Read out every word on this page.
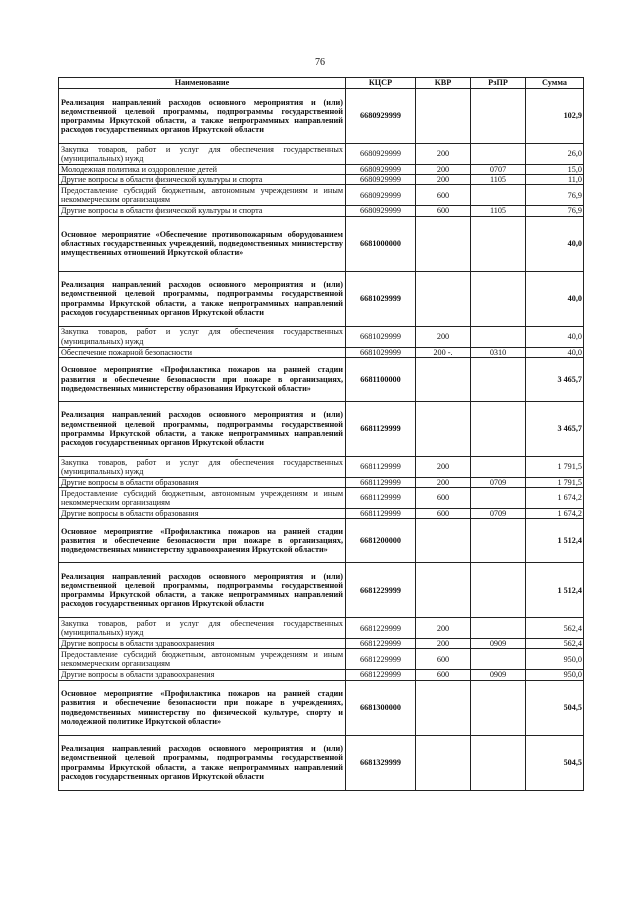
76
Наименование	КЦСР	КВР	РзПР	Сумма
Реализация направлений расходов основного мероприятия и (или) ведомственной целевой программы, подпрограммы государственной программы Иркутской области, а также непрограммных направлений расходов государственных органов Иркутской области	6680929999			102,9
Закупка товаров, работ и услуг для обеспечения государственных (муниципальных) нужд	6680929999	200		26,0
Молодежная политика и оздоровление детей	6680929999	200	0707	15,0
Другие вопросы в области физической культуры и спорта	6680929999	200	1105	11,0
Предоставление субсидий бюджетным, автономным учреждениям и иным некоммерческим организациям	6680929999	600		76,9
Другие вопросы в области физической культуры и спорта	6680929999	600	1105	76,9
Основное мероприятие «Обеспечение противопожарным оборудованием областных государственных учреждений, подведомственных министерству имущественных отношений Иркутской области»	6681000000			40,0
Реализация направлений расходов основного мероприятия и (или) ведомственной целевой программы, подпрограммы государственной программы Иркутской области, а также непрограммных направлений расходов государственных органов Иркутской области	6681029999			40,0
Закупка товаров, работ и услуг для обеспечения государственных (муниципальных) нужд	6681029999	200		40,0
Обеспечение пожарной безопасности	6681029999	200 -.	0310	40,0
Основное мероприятие «Профилактика пожаров на ранней стадии развития и обеспечение безопасности при пожаре в организациях, подведомственных министерству образования Иркутской области»	6681100000			3 465,7
Реализация направлений расходов основного мероприятия и (или) ведомственной целевой программы, подпрограммы государственной программы Иркутской области, а также непрограммных направлений расходов государственных органов Иркутской области	6681129999			3 465,7
Закупка товаров, работ и услуг для обеспечения государственных (муниципальных) нужд	6681129999	200		1 791,5
Другие вопросы в области образования	6681129999	200	0709	1 791,5
Предоставление субсидий бюджетным, автономным учреждениям и иным некоммерческим организациям	6681129999	600		1 674,2
Другие вопросы в области образования	6681129999	600	0709	1 674,2
Основное мероприятие «Профилактика пожаров на ранней стадии развития и обеспечение безопасности при пожаре в организациях, подведомственных министерству здравоохранения Иркутской области»	6681200000			1 512,4
Реализация направлений расходов основного мероприятия и (или) ведомственной целевой программы, подпрограммы государственной программы Иркутской области, а также непрограммных направлений расходов государственных органов Иркутской области	6681229999			1 512,4
Закупка товаров, работ и услуг для обеспечения государственных (муниципальных) нужд	6681229999	200		562,4
Другие вопросы в области здравоохранения	6681229999	200	0909	562,4
Предоставление субсидий бюджетным, автономным учреждениям и иным некоммерческим организациям	6681229999	600		950,0
Другие вопросы в области здравоохранения	6681229999	600	0909	950,0
Основное мероприятие «Профилактика пожаров на ранней стадии развития и обеспечение безопасности при пожаре в учреждениях, подведомственных министерству по физической культуре, спорту и молодежной политике Иркутской области»	6681300000			504,5
Реализация направлений расходов основного мероприятия и (или) ведомственной целевой программы, подпрограммы государственной программы Иркутской области, а также непрограммных направлений расходов государственных органов Иркутской области	6681329999			504,5
